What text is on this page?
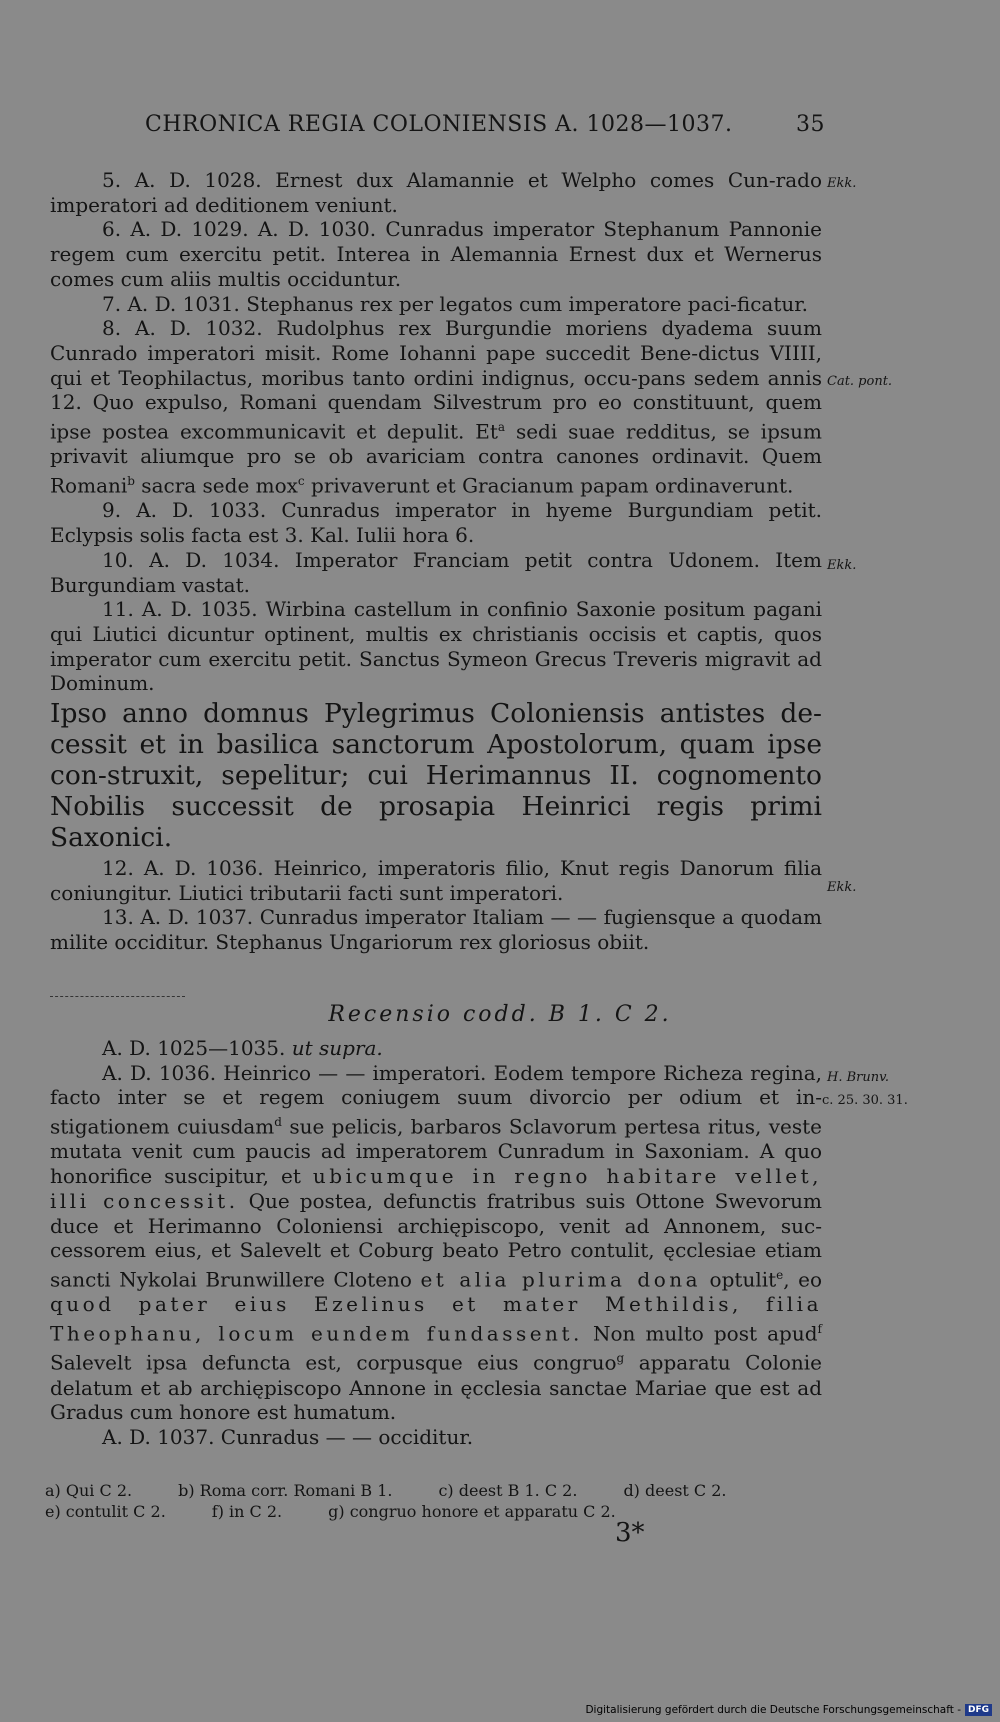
CHRONICA REGIA COLONIENSIS A. 1028—1037.	35

5. A. D. 1028. Ernest dux Alamannie et Welpho comes Cun-rado imperatori ad deditionem veniunt.

6. A. D. 1029. A. D. 1030. Cunradus imperator Stephanum Pannonie regem cum exercitu petit. Interea in Alemannia Ernest dux et Wernerus comes cum aliis multis occiduntur.

7. A. D. 1031. Stephanus rex per legatos cum imperatore paci-ficatur.

8. A. D. 1032. Rudolphus rex Burgundie moriens dyadema suum Cunrado imperatori misit. Rome Iohanni pape succedit Bene-dictus VIIII, qui et Teophilactus, moribus tanto ordini indignus, occu-pans sedem annis 12. Quo expulso, Romani quendam Silvestrum pro eo constituunt, quem ipse postea excommunicavit et depulit. Et$^a$ sedi suae redditus, se ipsum privavit aliumque pro se ob avariciam contra canones ordinavit. Quem Romani$^b$ sacra sede mox$^c$ privaverunt et Gracianum papam ordinaverunt.

9. A. D. 1033. Cunradus imperator in hyeme Burgundiam petit. Eclypsis solis facta est 3. Kal. Iulii hora 6.

10. A. D. 1034. Imperator Franciam petit contra Udonem. Item Burgundiam vastat.

11. A. D. 1035. Wirbina castellum in confinio Saxonie positum pagani qui Liutici dicuntur optinent, multis ex christianis occisis et captis, quos imperator cum exercitu petit. Sanctus Symeon Grecus Treveris migravit ad Dominum.

Ipso anno domnus Pylegrimus Coloniensis antistes de-cessit et in basilica sanctorum Apostolorum, quam ipse con-struxit, sepelitur; cui Herimannus II. cognomento Nobilis successit de prosapia Heinrici regis primi Saxonici.

12. A. D. 1036. Heinrico, imperatoris filio, Knut regis Danorum filia coniungitur. Liutici tributarii facti sunt imperatori.

13. A. D. 1037. Cunradus imperator Italiam — — fugiensque a quodam milite occiditur. Stephanus Ungariorum rex gloriosus obiit.

Ekk.
Cat. pont.
Ekk.
Ekk.
H. Brunv.
c. 25. 30. 31.
Recensio codd. B 1. C 2.

A. D. 1025—1035. ut supra.

A. D. 1036. Heinrico — — imperatori. Eodem tempore Richeza regina, facto inter se et regem coniugem suum divorcio per odium et in-stigationem cuiusdam$^d$ sue pelicis, barbaros Sclavorum pertesa ritus, veste mutata venit cum paucis ad imperatorem Cunradum in Saxoniam. A quo honorifice suscipitur, et ubicumque in regno habitare vellet, illi concessit. Que postea, defunctis fratribus suis Ottone Swevorum duce et Herimanno Coloniensi archiępiscopo, venit ad Annonem, suc-cessorem eius, et Salevelt et Coburg beato Petro contulit, ęcclesiae etiam sancti Nykolai Brunwillere Cloteno et alia plurima dona optulit$^e$, eo quod pater eius Ezelinus et mater Methildis, filia Theophanu, locum eundem fundassent. Non multo post apud$^f$ Salevelt ipsa defuncta est, corpusque eius congruo$^g$ apparatu Colonie delatum et ab archiępiscopo Annone in ęcclesia sanctae Mariae que est ad Gradus cum honore est humatum.

A. D. 1037. Cunradus — — occiditur.

a) Qui C 2.	b) Roma corr. Romani B 1.	c) deest B 1. C 2.	d) deest C 2.
e) contulit C 2.	f) in C 2.	g) congruo honore et apparatu C 2.
3*
Digitalisierung gefördert durch die Deutsche Forschungsgemeinschaft - DFG
